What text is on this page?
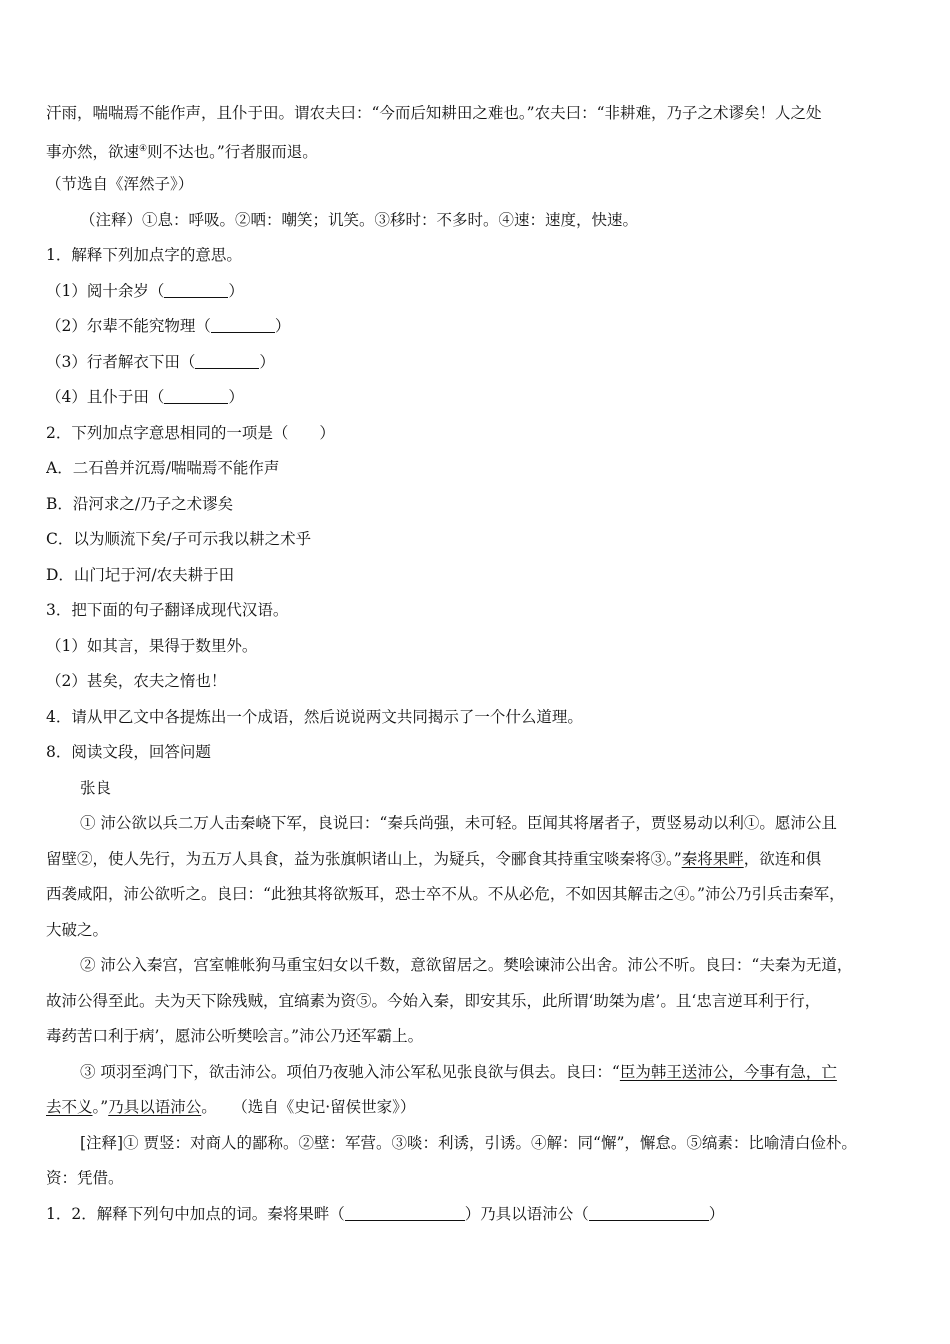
汗雨，喘喘焉不能作声，且仆于田。谓农夫曰：“今而后知耕田之难也。”农夫曰：“非耕难，乃子之术谬矣！人之处
事亦然，欲速④则不达也。”行者服而退。
（节选自《浑然子》）
（注释）①息：呼吸。②哂：嘲笑；讥笑。③移时：不多时。④速：速度，快速。
1．解释下列加点字的意思。
（1）阅十余岁（	）
（2）尔辈不能究物理（	）
（3）行者解衣下田（	）
（4）且仆于田（	）
2．下列加点字意思相同的一项是（　　）
A．二石兽并沉焉/喘喘焉不能作声
B．沿河求之/乃子之术谬矣
C．以为顺流下矣/子可示我以耕之术乎
D．山门圮于河/农夫耕于田
3．把下面的句子翻译成现代汉语。
（1）如其言，果得于数里外。
（2）甚矣，农夫之惰也！
4．请从甲乙文中各提炼出一个成语，然后说说两文共同揭示了一个什么道理。
8．阅读文段，回答问题
张良
① 沛公欲以兵二万人击秦峣下军，良说曰：“秦兵尚强，未可轻。臣闻其将屠者子，贾竖易动以利①。愿沛公且
留壁②，使人先行，为五万人具食，益为张旗帜诸山上，为疑兵，令郦食其持重宝啖秦将③。”秦将果畔，欲连和俱
西袭咸阳，沛公欲听之。良曰：“此独其将欲叛耳，恐士卒不从。不从必危，不如因其解击之④。”沛公乃引兵击秦军，
大破之。
② 沛公入秦宫，宫室帷帐狗马重宝妇女以千数，意欲留居之。樊哙谏沛公出舍。沛公不听。良曰：“夫秦为无道，
故沛公得至此。夫为天下除残贼，宜缟素为资⑤。今始入秦，即安其乐，此所谓‘助桀为虐’。且‘忠言逆耳利于行，
毒药苦口利于病’，愿沛公听樊哙言。”沛公乃还军霸上。
③ 项羽至鸿门下，欲击沛公。项伯乃夜驰入沛公军私见张良欲与俱去。良曰：“臣为韩王送沛公，今事有急，亡
去不义。”乃具以语沛公。　　（选自《史记·留侯世家》）
[注释]① 贾竖：对商人的鄙称。②壁：军营。③啖：利诱，引诱。④解：同“懈”，懈怠。⑤缟素：比喻清白俭朴。
资：凭借。
1．2．解释下列句中加点的词。秦将果畔（	）乃具以语沛公（	）
